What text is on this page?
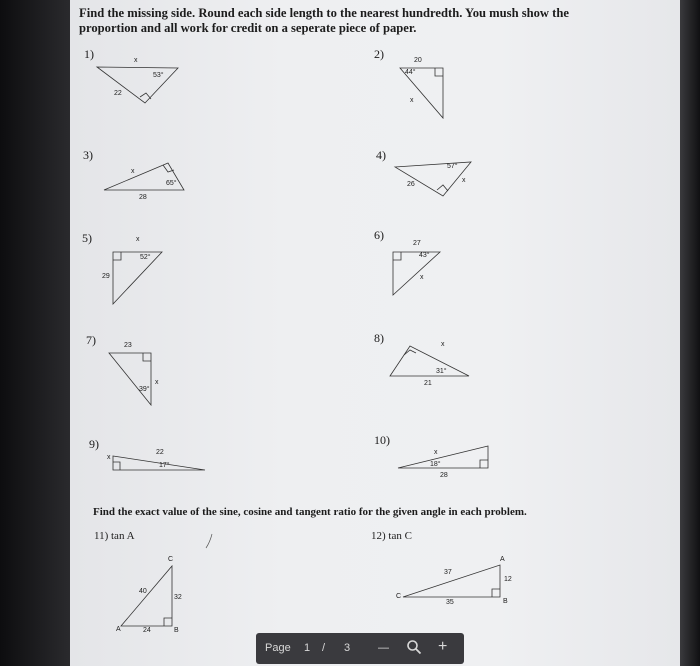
Find the missing side. Round each side length to the nearest hundredth. You mush show the
proportion and all work for credit on a seperate piece of paper.
1)	2)
3)	4)
5)	6)
7)	8)
9)	10)
x
53°
22
20
44°
x
x
65°
28
57°
26
x
x
52°
29
27
43°
x
23
x
39°
x
31°
21
x
22
17°
x
18°
28
Find the exact value of the sine, cosine and tangent ratio for the given angle in each problem.
11) tan A	12) tan C
C
40
32
A	24	B
A
37
12
C
35	B
Page 1 / 3	—	+
